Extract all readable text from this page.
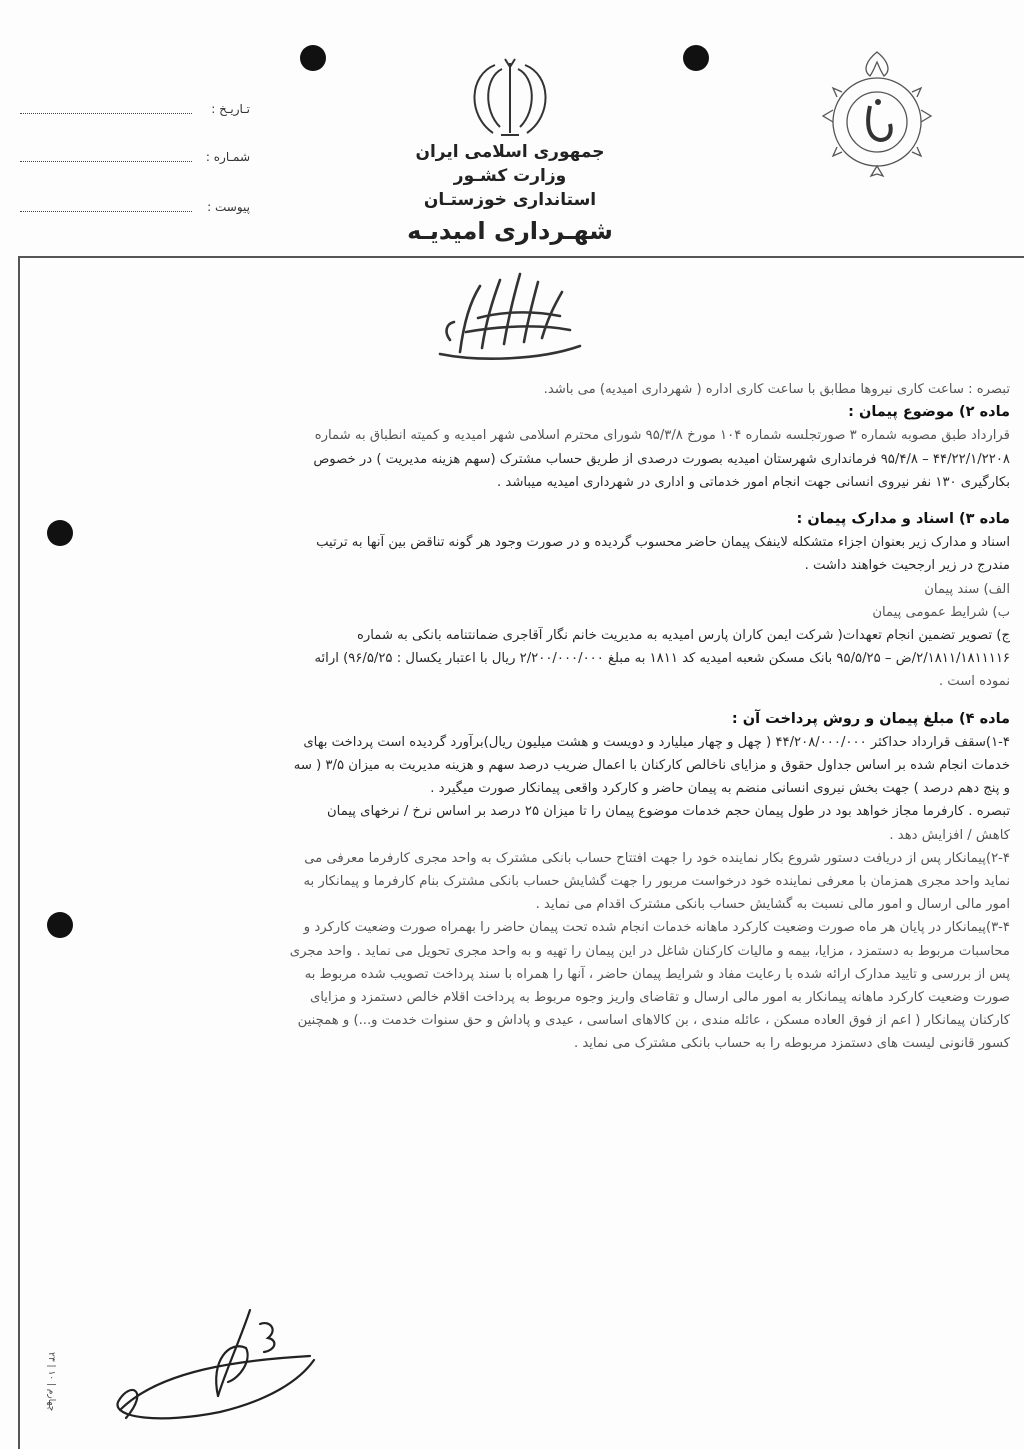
تـاریـخ :
شمـاره :
پیوست :
جمهوری اسلامی ایران
وزارت کشـور
استانداری خوزستـان
شهـرداری امیدیـه
تبصره : ساعت کاری نیروها مطابق با ساعت کاری اداره ( شهرداری امیدیه) می باشد.
ماده ۲) موضوع پیمان :
قرارداد طبق مصوبه شماره ۳ صورتجلسه شماره ۱۰۴ مورخ ۹۵/۳/۸ شورای محترم اسلامی شهر امیدیه و کمیته انطباق به شماره
۴۴/۲۲/۱/۲۲۰۸ – ۹۵/۴/۸ فرمانداری شهرستان امیدیه بصورت درصدی از طریق حساب مشترک (سهم هزینه مدیریت ) در خصوص
بکارگیری ۱۳۰ نفر نیروی انسانی جهت انجام امور خدماتی و اداری در شهرداری امیدیه میباشد .
ماده ۳) اسناد و مدارک پیمان :
اسناد و مدارک زیر بعنوان اجزاء متشکله لاینفک پیمان حاضر محسوب گردیده و در صورت وجود هر گونه تناقض بین آنها به ترتیب
مندرج در زیر ارجحیت خواهند داشت .
الف) سند پیمان
ب) شرایط عمومی پیمان
ج) تصویر تضمین انجام تعهدات( شرکت ایمن کاران پارس امیدیه به مدیریت خانم نگار آقاجری ضمانتنامه بانکی به شماره
۲/۱۸۱۱/۱۸۱۱۱۱۶/ض – ۹۵/۵/۲۵ بانک مسکن شعبه امیدیه کد ۱۸۱۱ به مبلغ ۲/۲۰۰/۰۰۰/۰۰۰ ریال با اعتبار یکسال : ۹۶/۵/۲۵) ارائه
نموده است .
ماده ۴) مبلغ پیمان و روش پرداخت آن :
۱-۴)سقف قرارداد حداکثر ۴۴/۲۰۸/۰۰۰/۰۰۰ ( چهل و چهار میلیارد و دویست و هشت میلیون ریال)برآورد گردیده است پرداخت بهای
خدمات انجام شده بر اساس جداول حقوق و مزایای ناخالص کارکنان با اعمال ضریب درصد سهم و هزینه مدیریت به میزان ۳/۵ ( سه
و پنج دهم درصد ) جهت بخش نیروی انسانی منضم به پیمان حاضر و کارکرد واقعی پیمانکار صورت میگیرد .
تبصره . کارفرما مجاز خواهد بود در طول پیمان حجم خدمات موضوع پیمان را تا میزان ۲۵ درصد بر اساس نرخ / نرخهای پیمان
کاهش / افزایش دهد .
۲-۴)پیمانکار پس از دریافت دستور شروع بکار نماینده خود را جهت افتتاح حساب بانکی مشترک به واحد مجری کارفرما معرفی می
نماید واحد مجری همزمان با معرفی نماینده خود درخواست مربور را جهت گشایش حساب بانکی مشترک بنام کارفرما و پیمانکار به
امور مالی ارسال و امور مالی نسبت به گشایش حساب بانکی مشترک اقدام می نماید .
۳-۴)پیمانکار در پایان هر ماه صورت وضعیت کارکرد ماهانه خدمات انجام شده تحت پیمان حاضر را بهمراه صورت وضعیت کارکرد و
محاسبات مربوط به دستمزد ، مزایا، بیمه و مالیات کارکنان شاغل در این پیمان را تهیه و به واحد مجری تحویل می نماید . واحد مجری
پس از بررسی و تایید مدارک ارائه شده با رعایت مفاد و شرایط پیمان حاضر ، آنها را همراه با سند پرداخت تصویب شده مربوط به
صورت وضعیت کارکرد ماهانه پیمانکار به امور مالی ارسال و تقاضای واریز وجوه مربوط به پرداخت اقلام خالص دستمزد و مزایای
کارکنان پیمانکار ( اعم از فوق العاده مسکن ، عائله مندی ، بن کالاهای اساسی ، عیدی و پاداش و حق سنوات خدمت و...) و همچنین
کسور قانونی لیست های دستمزد مربوطه را به حساب بانکی مشترک می نماید .
چهارم | ۱۰ | ۲۳
